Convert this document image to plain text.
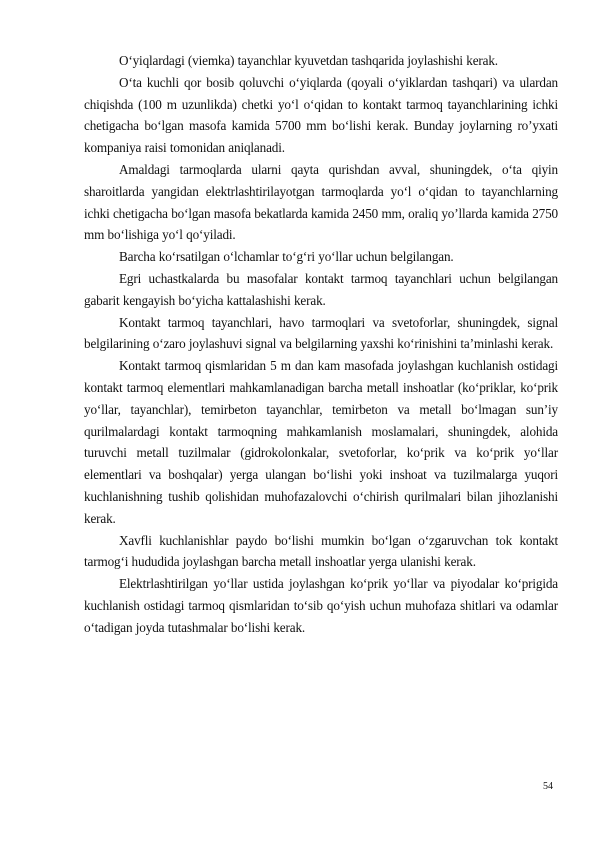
O‘yiqlardagi (viemka) tayanchlar kyuvetdan tashqarida joylashishi kerak.

O‘ta kuchli qor bosib qoluvchi o‘yiqlarda (qoyali o‘yiklardan tashqari) va ulardan chiqishda (100 m uzunlikda) chetki yo‘l o‘qidan to kontakt tarmoq tayanchlarining ichki chetigacha bo‘lgan masofa kamida 5700 mm bo‘lishi kerak. Bunday joylarning ro’yxati kompaniya raisi tomonidan aniqlanadi.

Amaldagi tarmoqlarda ularni qayta qurishdan avval, shuningdek, o‘ta qiyin sharoitlarda yangidan elektrlashtirilayotgan tarmoqlarda yo‘l o‘qidan to tayanchlarning ichki chetigacha bo‘lgan masofa bekatlarda kamida 2450 mm, oraliq yo’llarda kamida 2750 mm bo‘lishiga yo‘l qo‘yiladi.

Barcha ko‘rsatilgan o‘lchamlar to‘g‘ri yo‘llar uchun belgilangan.

Egri uchastkalarda bu masofalar kontakt tarmoq tayanchlari uchun belgilangan gabarit kengayish bo‘yicha kattalashishi kerak.

Kontakt tarmoq tayanchlari, havo tarmoqlari va svetoforlar, shuningdek, signal belgilarining o‘zaro joylashuvi signal va belgilarning yaxshi ko‘rinishini ta’minlashi kerak.

Kontakt tarmoq qismlaridan 5 m dan kam masofada joylashgan kuchlanish ostidagi kontakt tarmoq elementlari mahkamlanadigan barcha metall inshoatlar (ko‘priklar, ko‘prik yo‘llar, tayanchlar), temirbeton tayanchlar, temirbeton va metall bo‘lmagan sun’iy qurilmalardagi kontakt tarmoqning mahkamlanish moslamalari, shuningdek, alohida turuvchi metall tuzilmalar (gidrokolonkalar, svetoforlar, ko‘prik va ko‘prik yo‘llar elementlari va boshqalar) yerga ulangan bo‘lishi yoki inshoat va tuzilmalarga yuqori kuchlanishning tushib qolishidan muhofazalovchi o‘chirish qurilmalari bilan jihozlanishi kerak.

Xavfli kuchlanishlar paydo bo‘lishi mumkin bo‘lgan o‘zgaruvchan tok kontakt tarmog‘i hududida joylashgan barcha metall inshoatlar yerga ulanishi kerak.

Elektrlashtirilgan yo‘llar ustida joylashgan ko‘prik yo‘llar va piyodalar ko‘prigida kuchlanish ostidagi tarmoq qismlaridan to‘sib qo‘yish uchun muhofaza shitlari va odamlar o‘tadigan joyda tutashmalar bo‘lishi kerak.

54
